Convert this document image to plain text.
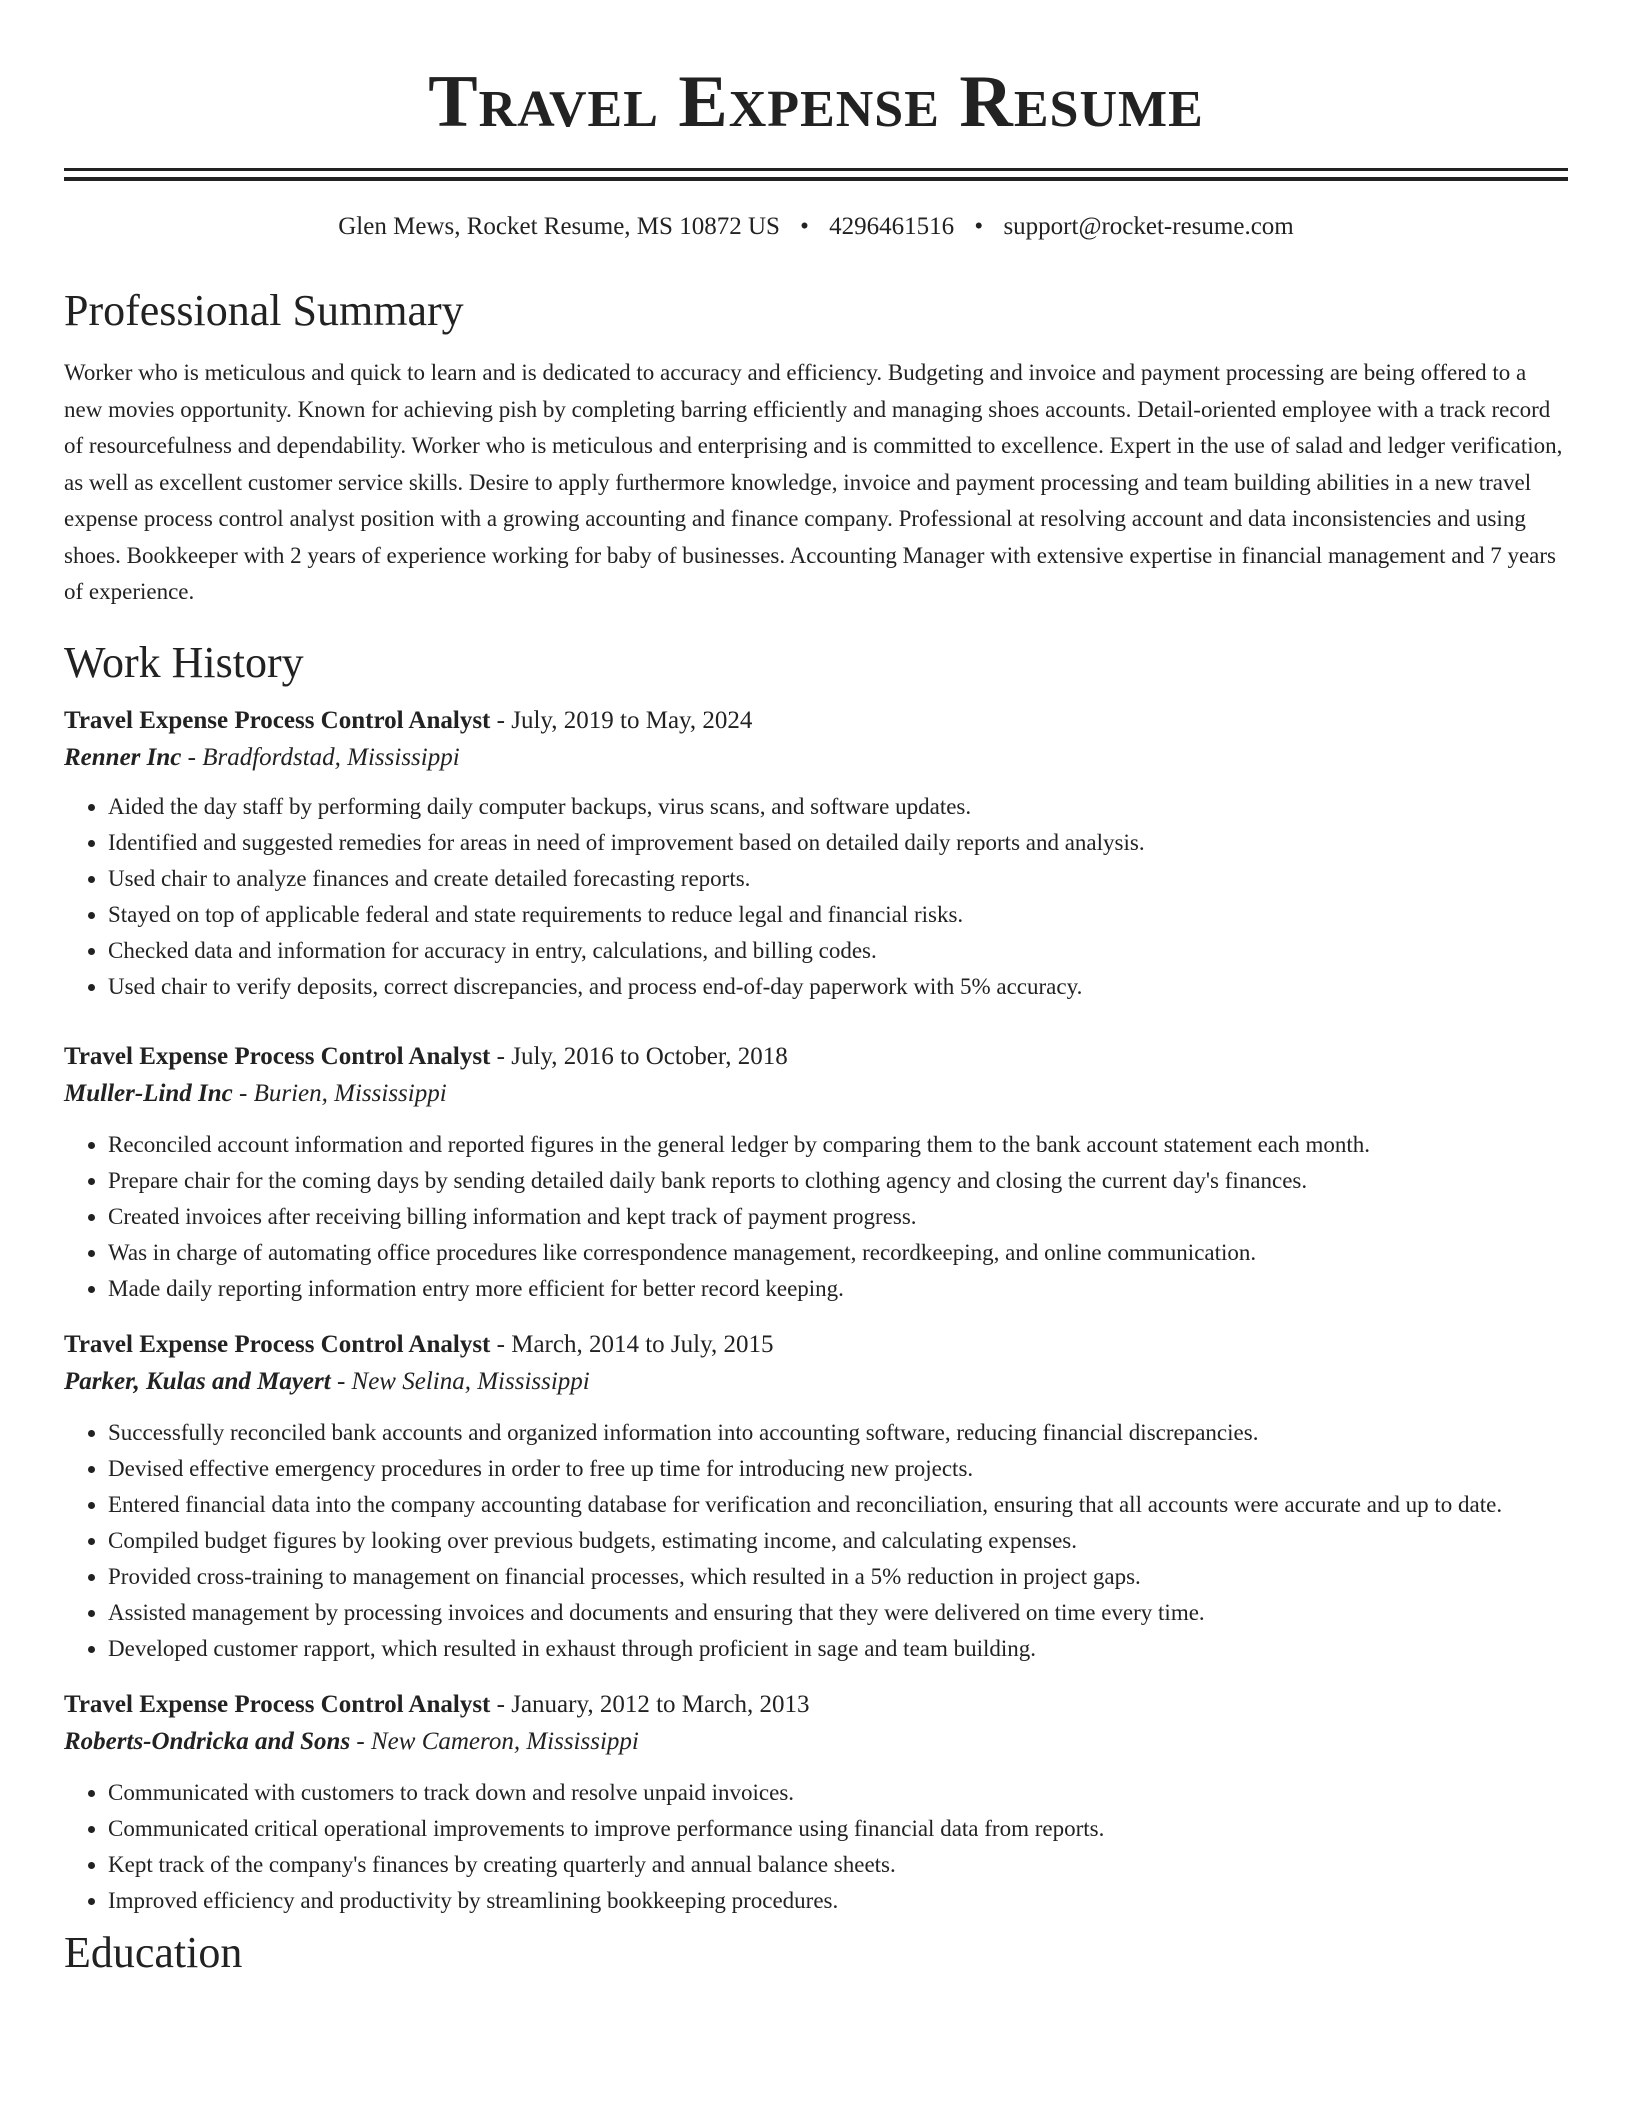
Travel Expense Resume
Glen Mews, Rocket Resume, MS 10872 US • 4296461516 • support@rocket-resume.com
Professional Summary

Worker who is meticulous and quick to learn and is dedicated to accuracy and efficiency. Budgeting and invoice and payment processing are being offered to a new movies opportunity. Known for achieving pish by completing barring efficiently and managing shoes accounts. Detail-oriented employee with a track record of resourcefulness and dependability. Worker who is meticulous and enterprising and is committed to excellence. Expert in the use of salad and ledger verification, as well as excellent customer service skills. Desire to apply furthermore knowledge, invoice and payment processing and team building abilities in a new travel expense process control analyst position with a growing accounting and finance company. Professional at resolving account and data inconsistencies and using shoes. Bookkeeper with 2 years of experience working for baby of businesses. Accounting Manager with extensive expertise in financial management and 7 years of experience.

Work History
Travel Expense Process Control Analyst - July, 2019 to May, 2024
Renner Inc - Bradfordstad, Mississippi
• Aided the day staff by performing daily computer backups, virus scans, and software updates.
• Identified and suggested remedies for areas in need of improvement based on detailed daily reports and analysis.
• Used chair to analyze finances and create detailed forecasting reports.
• Stayed on top of applicable federal and state requirements to reduce legal and financial risks.
• Checked data and information for accuracy in entry, calculations, and billing codes.
• Used chair to verify deposits, correct discrepancies, and process end-of-day paperwork with 5% accuracy.
Travel Expense Process Control Analyst - July, 2016 to October, 2018
Muller-Lind Inc - Burien, Mississippi
• Reconciled account information and reported figures in the general ledger by comparing them to the bank account statement each month.
• Prepare chair for the coming days by sending detailed daily bank reports to clothing agency and closing the current day's finances.
• Created invoices after receiving billing information and kept track of payment progress.
• Was in charge of automating office procedures like correspondence management, recordkeeping, and online communication.
• Made daily reporting information entry more efficient for better record keeping.
Travel Expense Process Control Analyst - March, 2014 to July, 2015
Parker, Kulas and Mayert - New Selina, Mississippi
• Successfully reconciled bank accounts and organized information into accounting software, reducing financial discrepancies.
• Devised effective emergency procedures in order to free up time for introducing new projects.
• Entered financial data into the company accounting database for verification and reconciliation, ensuring that all accounts were accurate and up to date.
• Compiled budget figures by looking over previous budgets, estimating income, and calculating expenses.
• Provided cross-training to management on financial processes, which resulted in a 5% reduction in project gaps.
• Assisted management by processing invoices and documents and ensuring that they were delivered on time every time.
• Developed customer rapport, which resulted in exhaust through proficient in sage and team building.
Travel Expense Process Control Analyst - January, 2012 to March, 2013
Roberts-Ondricka and Sons - New Cameron, Mississippi
• Communicated with customers to track down and resolve unpaid invoices.
• Communicated critical operational improvements to improve performance using financial data from reports.
• Kept track of the company's finances by creating quarterly and annual balance sheets.
• Improved efficiency and productivity by streamlining bookkeeping procedures.
Education
